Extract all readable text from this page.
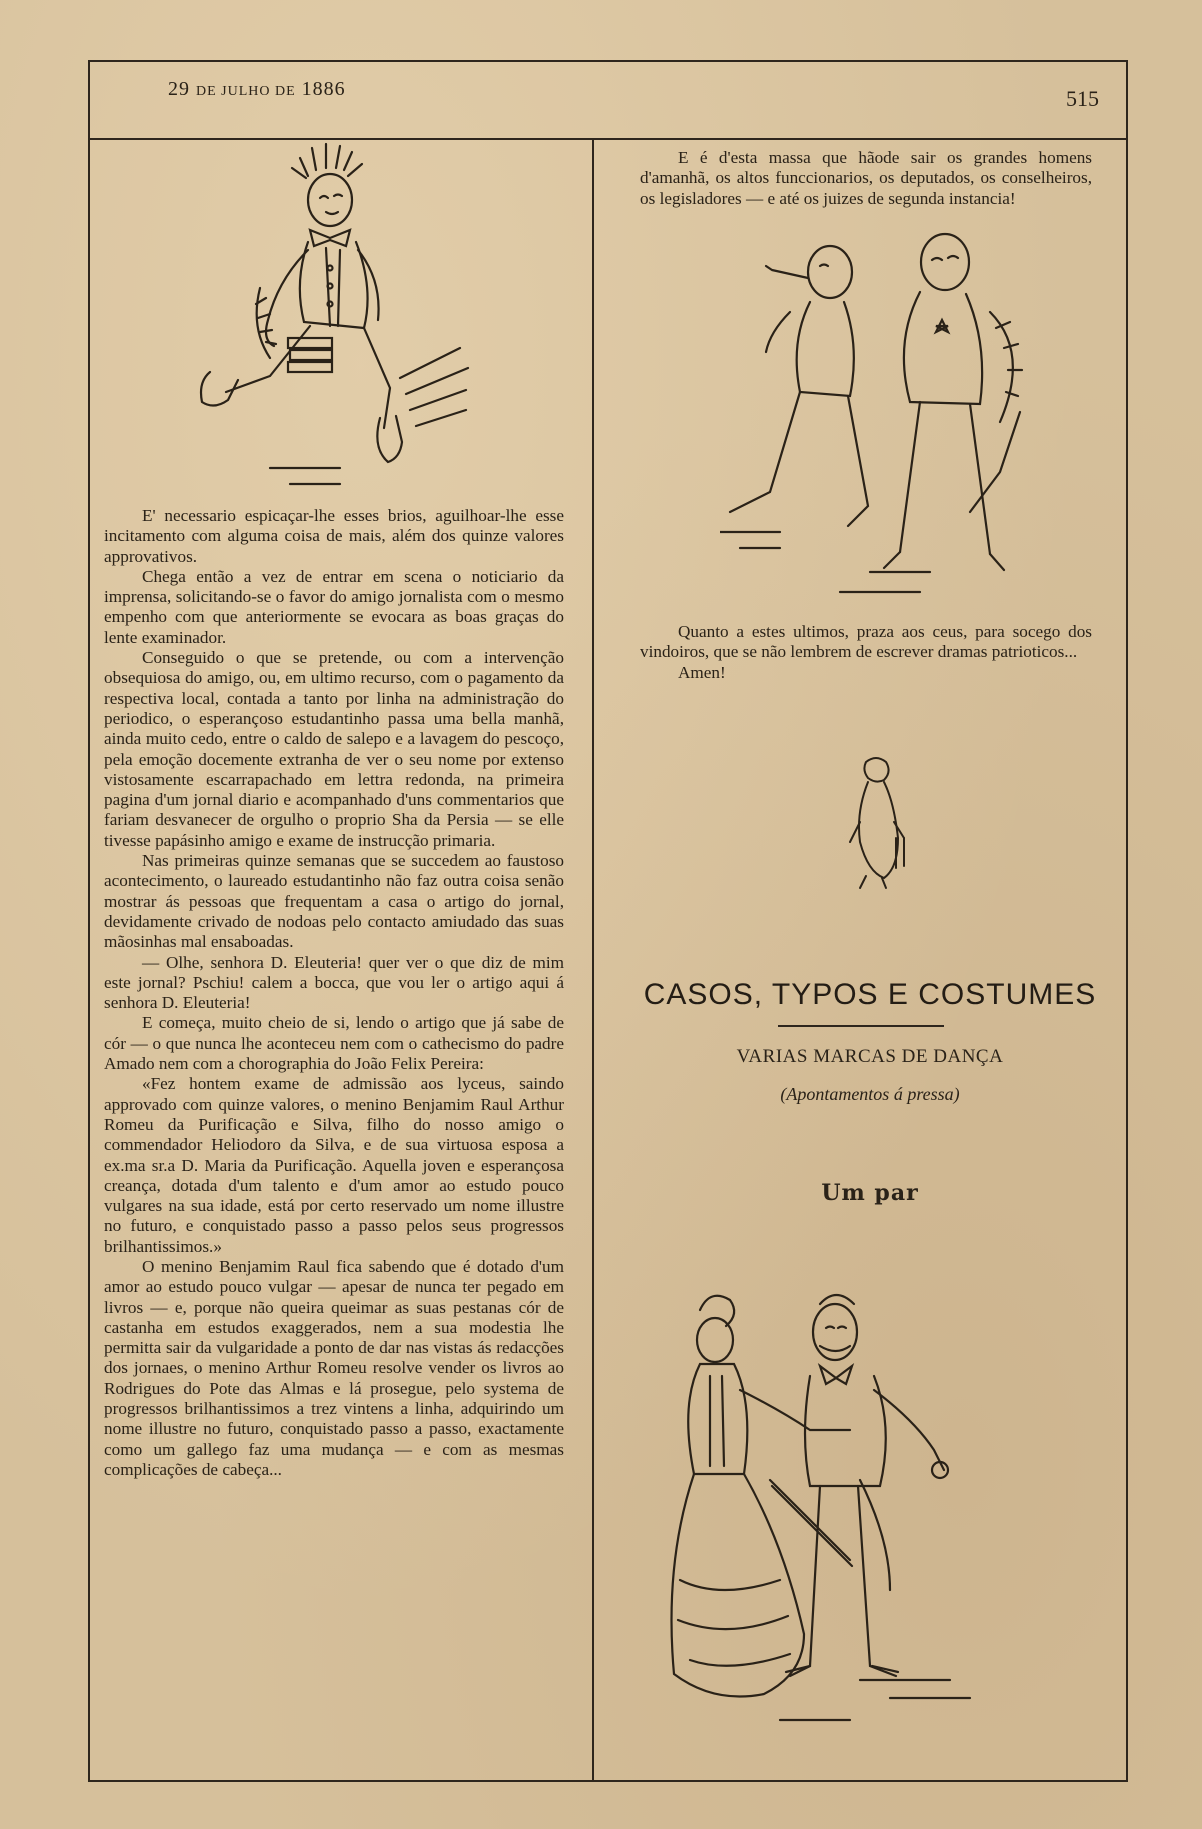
29 DE JULHO DE 1886	515

E' necessario espicaçar-lhe esses brios, aguilhoar-lhe esse incitamento com alguma coisa de mais, além dos quinze valores approvativos.

Chega então a vez de entrar em scena o noticiario da imprensa, solicitando-se o favor do amigo jornalista com o mesmo empenho com que anteriormente se evocara as boas graças do lente examinador.

Conseguido o que se pretende, ou com a intervenção obsequiosa do amigo, ou, em ultimo recurso, com o pagamento da respectiva local, contada a tanto por linha na administração do periodico, o esperançoso estudantinho passa uma bella manhã, ainda muito cedo, entre o caldo de salepo e a lavagem do pescoço, pela emoção docemente extranha de ver o seu nome por extenso vistosamente escarrapachado em lettra redonda, na primeira pagina d'um jornal diario e acompanhado d'uns commentarios que fariam desvanecer de orgulho o proprio Sha da Persia — se elle tivesse papásinho amigo e exame de instrucção primaria.

Nas primeiras quinze semanas que se succedem ao faustoso acontecimento, o laureado estudantinho não faz outra coisa senão mostrar ás pessoas que frequentam a casa o artigo do jornal, devidamente crivado de nodoas pelo contacto amiudado das suas mãosinhas mal ensaboadas.

— Olhe, senhora D. Eleuteria! quer ver o que diz de mim este jornal? Pschiu! calem a bocca, que vou ler o artigo aqui á senhora D. Eleuteria!

E começa, muito cheio de si, lendo o artigo que já sabe de cór — o que nunca lhe aconteceu nem com o cathecismo do padre Amado nem com a chorographia do João Felix Pereira:

«Fez hontem exame de admissão aos lyceus, saindo approvado com quinze valores, o menino Benjamim Raul Arthur Romeu da Purificação e Silva, filho do nosso amigo o commendador Heliodoro da Silva, e de sua virtuosa esposa a ex.ma sr.a D. Maria da Purificação. Aquella joven e esperançosa creança, dotada d'um talento e d'um amor ao estudo pouco vulgares na sua idade, está por certo reservado um nome illustre no futuro, e conquistado passo a passo pelos seus progressos brilhantissimos.»

O menino Benjamim Raul fica sabendo que é dotado d'um amor ao estudo pouco vulgar — apesar de nunca ter pegado em livros — e, porque não queira queimar as suas pestanas cór de castanha em estudos exaggerados, nem a sua modestia lhe permitta sair da vulgaridade a ponto de dar nas vistas ás redacções dos jornaes, o menino Arthur Romeu resolve vender os livros ao Rodrigues do Pote das Almas e lá prosegue, pelo systema de progressos brilhantissimos a trez vintens a linha, adquirindo um nome illustre no futuro, conquistado passo a passo, exactamente como um gallego faz uma mudança — e com as mesmas complicações de cabeça...

E é d'esta massa que hãode sair os grandes homens d'amanhã, os altos funccionarios, os deputados, os conselheiros, os legisladores — e até os juizes de segunda instancia!

Quanto a estes ultimos, praza aos ceus, para socego dos vindoiros, que se não lembrem de escrever dramas patrioticos...

Amen!

CASOS, TYPOS E COSTUMES
VARIAS MARCAS DE DANÇA
(Apontamentos á pressa)
Um par
